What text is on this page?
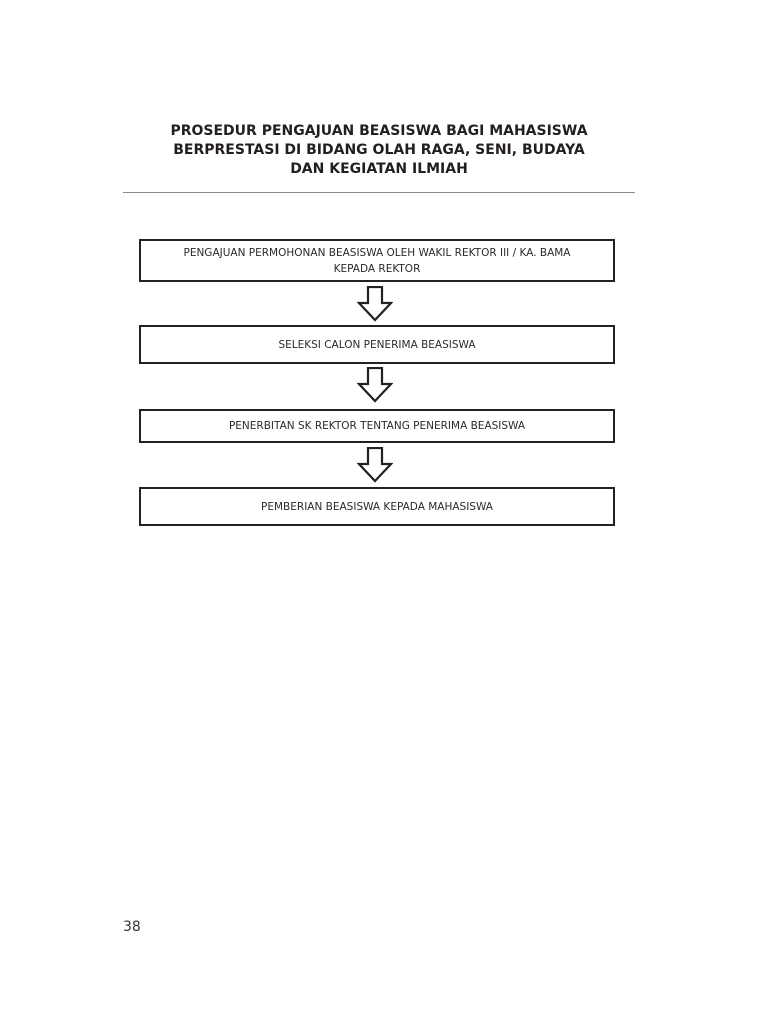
PROSEDUR PENGAJUAN BEASISWA BAGI MAHASISWA
BERPRESTASI DI BIDANG OLAH RAGA, SENI, BUDAYA
DAN KEGIATAN ILMIAH
PENGAJUAN PERMOHONAN BEASISWA OLEH WAKIL REKTOR III / KA. BAMA
KEPADA REKTOR
SELEKSI CALON PENERIMA BEASISWA
PENERBITAN SK REKTOR TENTANG PENERIMA BEASISWA
PEMBERIAN BEASISWA KEPADA MAHASISWA
38
